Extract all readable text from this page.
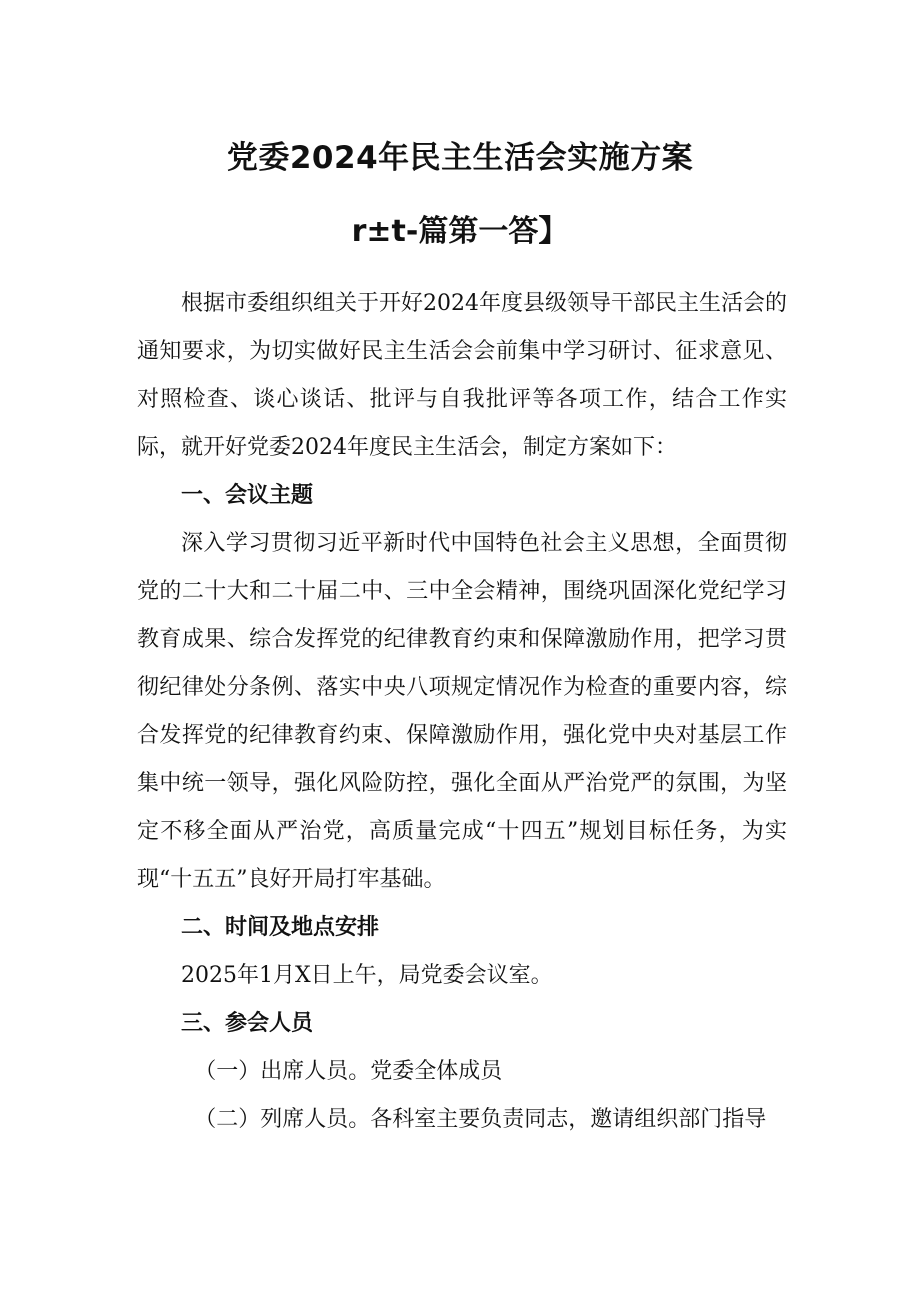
党委2024年民主生活会实施方案
r±t-篇第一答】

根据市委组织组关于开好2024年度县级领导干部民主生活会的通知要求，为切实做好民主生活会会前集中学习研讨、征求意见、对照检查、谈心谈话、批评与自我批评等各项工作，结合工作实际，就开好党委2024年度民主生活会，制定方案如下：

一、会议主题

深入学习贯彻习近平新时代中国特色社会主义思想，全面贯彻党的二十大和二十届二中、三中全会精神，围绕巩固深化党纪学习教育成果、综合发挥党的纪律教育约束和保障激励作用，把学习贯彻纪律处分条例、落实中央八项规定情况作为检查的重要内容，综合发挥党的纪律教育约束、保障激励作用，强化党中央对基层工作集中统一领导，强化风险防控，强化全面从严治党严的氛围，为坚定不移全面从严治党，高质量完成“十四五”规划目标任务，为实现“十五五”良好开局打牢基础。

二、时间及地点安排

2025年1月X日上午，局党委会议室。

三、参会人员

（一）出席人员。党委全体成员

（二）列席人员。各科室主要负责同志，邀请组织部门指导
